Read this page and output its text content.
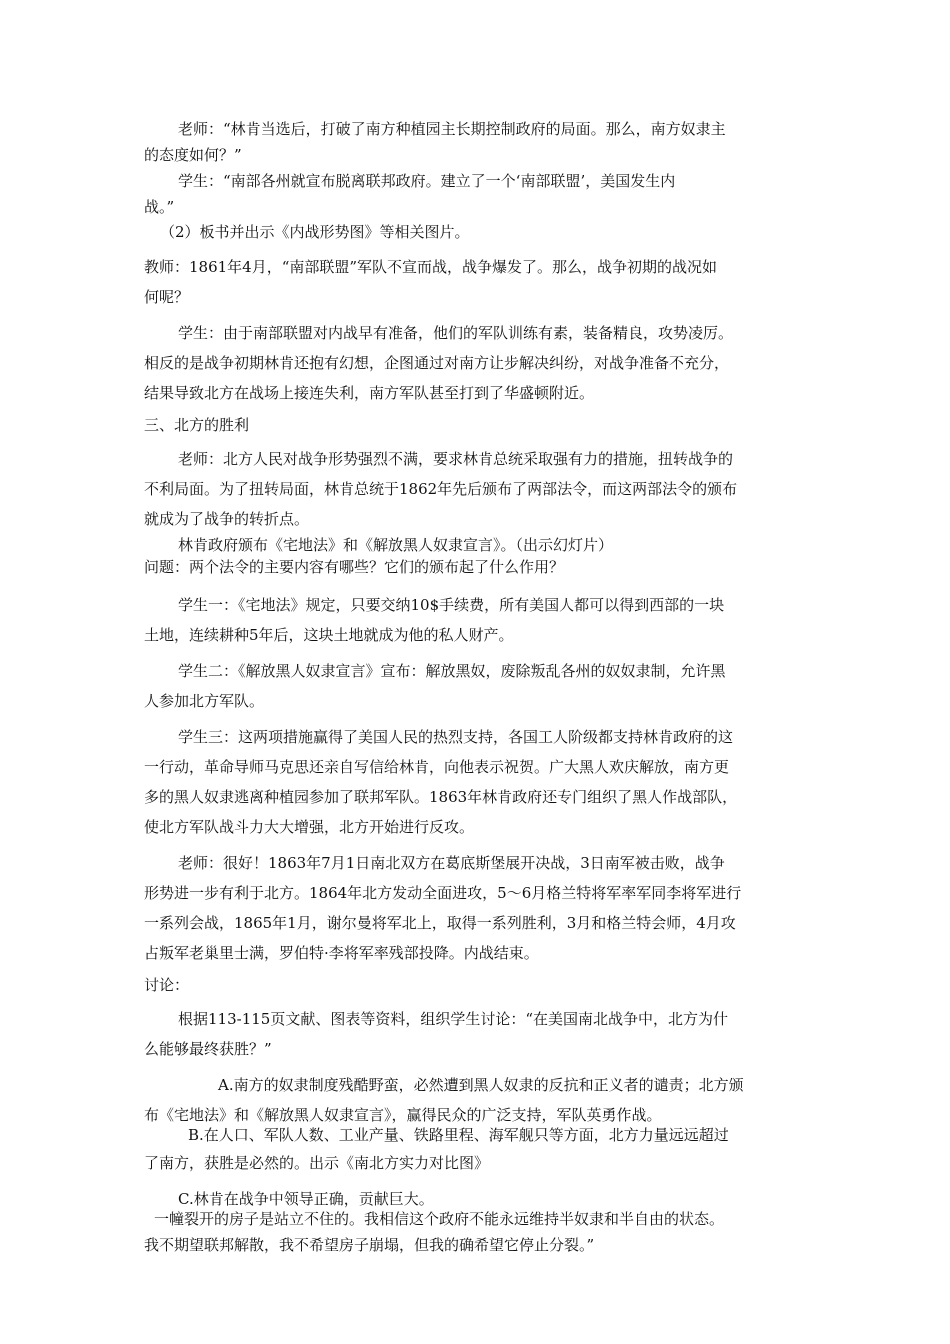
老师：“林肯当选后，打破了南方种植园主长期控制政府的局面。那么，南方奴隶主
的态度如何？”
学生：“南部各州就宣布脱离联邦政府。建立了一个‘南部联盟’，美国发生内
战。”
（2）板书并出示《内战形势图》等相关图片。
教师：1861年4月，“南部联盟”军队不宣而战，战争爆发了。那么，战争初期的战况如
何呢？
学生：由于南部联盟对内战早有准备，他们的军队训练有素，装备精良，攻势凌厉。
相反的是战争初期林肯还抱有幻想，企图通过对南方让步解决纠纷，对战争准备不充分，
结果导致北方在战场上接连失利，南方军队甚至打到了华盛顿附近。
三、北方的胜利
老师：北方人民对战争形势强烈不满，要求林肯总统采取强有力的措施，扭转战争的
不利局面。为了扭转局面，林肯总统于1862年先后颁布了两部法令，而这两部法令的颁布
就成为了战争的转折点。
林肯政府颁布《宅地法》和《解放黑人奴隶宣言》。（出示幻灯片）
问题：两个法令的主要内容有哪些？它们的颁布起了什么作用？
学生一：《宅地法》规定，只要交纳10$手续费，所有美国人都可以得到西部的一块
土地，连续耕种5年后，这块土地就成为他的私人财产。
学生二：《解放黑人奴隶宣言》宣布：解放黑奴，废除叛乱各州的奴奴隶制，允许黑
人参加北方军队。
学生三：这两项措施赢得了美国人民的热烈支持，各国工人阶级都支持林肯政府的这
一行动，革命导师马克思还亲自写信给林肯，向他表示祝贺。广大黑人欢庆解放，南方更
多的黑人奴隶逃离种植园参加了联邦军队。1863年林肯政府还专门组织了黑人作战部队，
使北方军队战斗力大大增强，北方开始进行反攻。
老师：很好！1863年7月1日南北双方在葛底斯堡展开决战，3日南军被击败，战争
形势进一步有利于北方。1864年北方发动全面进攻，5～6月格兰特将军率军同李将军进行
一系列会战，1865年1月，谢尔曼将军北上，取得一系列胜利，3月和格兰特会师，4月攻
占叛军老巢里士满，罗伯特·李将军率残部投降。内战结束。
讨论：
根据113-115页文献、图表等资料，组织学生讨论：“在美国南北战争中，北方为什
么能够最终获胜？”
A.南方的奴隶制度残酷野蛮，必然遭到黑人奴隶的反抗和正义者的谴责；北方颁
布《宅地法》和《解放黑人奴隶宣言》，赢得民众的广泛支持，军队英勇作战。
B.在人口、军队人数、工业产量、铁路里程、海军舰只等方面，北方力量远远超过
了南方，获胜是必然的。出示《南北方实力对比图》
C.林肯在战争中领导正确，贡献巨大。
一幢裂开的房子是站立不住的。我相信这个政府不能永远维持半奴隶和半自由的状态。
我不期望联邦解散，我不希望房子崩塌，但我的确希望它停止分裂。”
